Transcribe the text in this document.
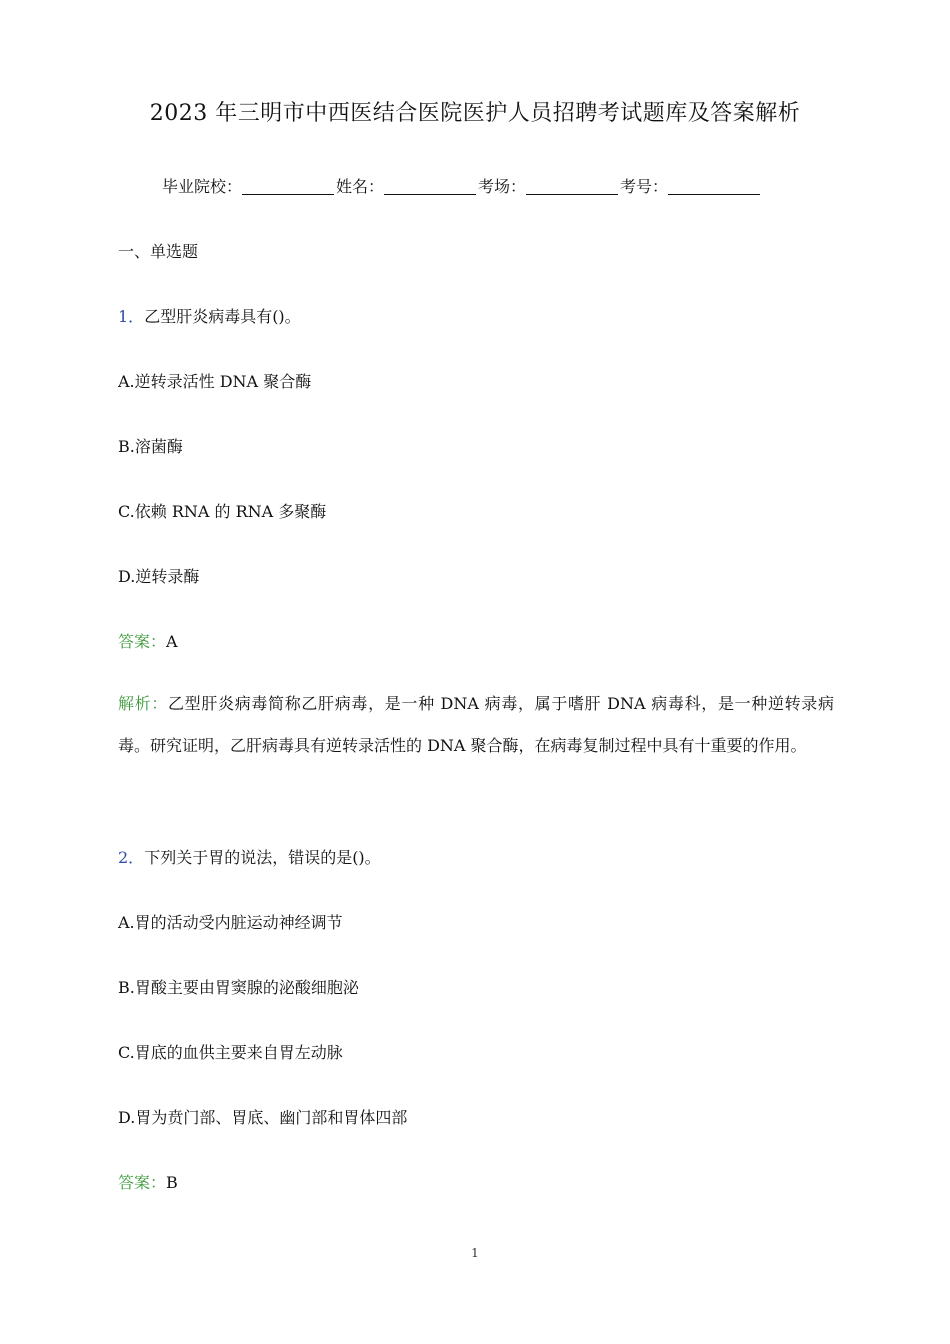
2023 年三明市中西医结合医院医护人员招聘考试题库及答案解析
毕业院校：	姓名：	考场：	考号：
一、单选题
1．乙型肝炎病毒具有()。
A.逆转录活性 DNA 聚合酶
B.溶菌酶
C.依赖 RNA 的 RNA 多聚酶
D.逆转录酶
答案：A
解析：乙型肝炎病毒简称乙肝病毒，是一种 DNA 病毒，属于嗜肝 DNA 病毒科，是一种逆转录病毒。研究证明，乙肝病毒具有逆转录活性的 DNA 聚合酶，在病毒复制过程中具有十重要的作用。
2．下列关于胃的说法，错误的是()。
A.胃的活动受内脏运动神经调节
B.胃酸主要由胃窦腺的泌酸细胞泌
C.胃底的血供主要来自胃左动脉
D.胃为贲门部、胃底、幽门部和胃体四部
答案：B
1
